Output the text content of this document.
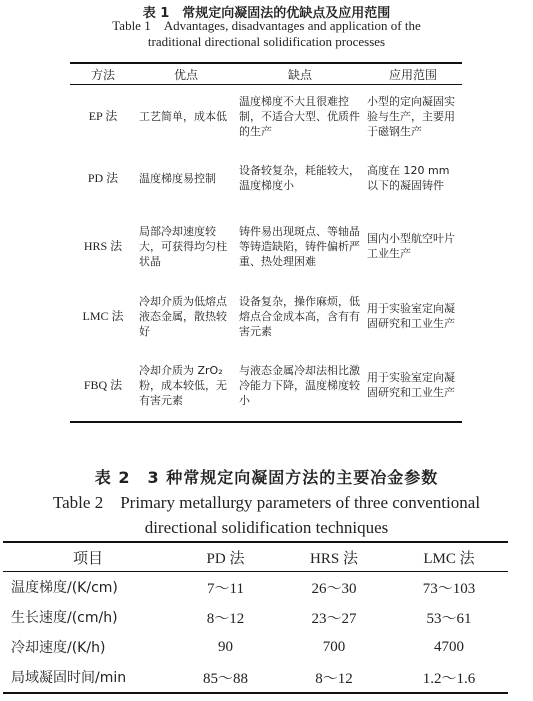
表 1　常规定向凝固法的优缺点及应用范围
Table 1　Advantages, disadvantages and application of the
traditional directional solidification processes
方法	优点	缺点	应用范围
EP 法	工艺简单，成本低	温度梯度不大且很难控制，不适合大型、优质件的生产	小型的定向凝固实验与生产，主要用于磁钢生产
PD 法	温度梯度易控制	设备较复杂，耗能较大，温度梯度小	高度在 120 mm 以下的凝固铸件
HRS 法	局部冷却速度较大，可获得均匀柱状晶	铸件易出现斑点、等轴晶等铸造缺陷，铸件偏析严重、热处理困难	国内小型航空叶片工业生产
LMC 法	冷却介质为低熔点液态金属，散热较好	设备复杂，操作麻烦，低熔点合金成本高，含有有害元素	用于实验室定向凝固研究和工业生产
FBQ 法	冷却介质为 ZrO₂ 粉，成本较低，无有害元素	与液态金属冷却法相比激冷能力下降，温度梯度较小	用于实验室定向凝固研究和工业生产
表 2　3 种常规定向凝固方法的主要冶金参数
Table 2　Primary metallurgy parameters of three conventional
directional solidification techniques
项目	PD 法	HRS 法	LMC 法
温度梯度/(K/cm)	7～11	26～30	73～103
生长速度/(cm/h)	8～12	23～27	53～61
冷却速度/(K/h)	90	700	4700
局域凝固时间/min	85～88	8～12	1.2～1.6
